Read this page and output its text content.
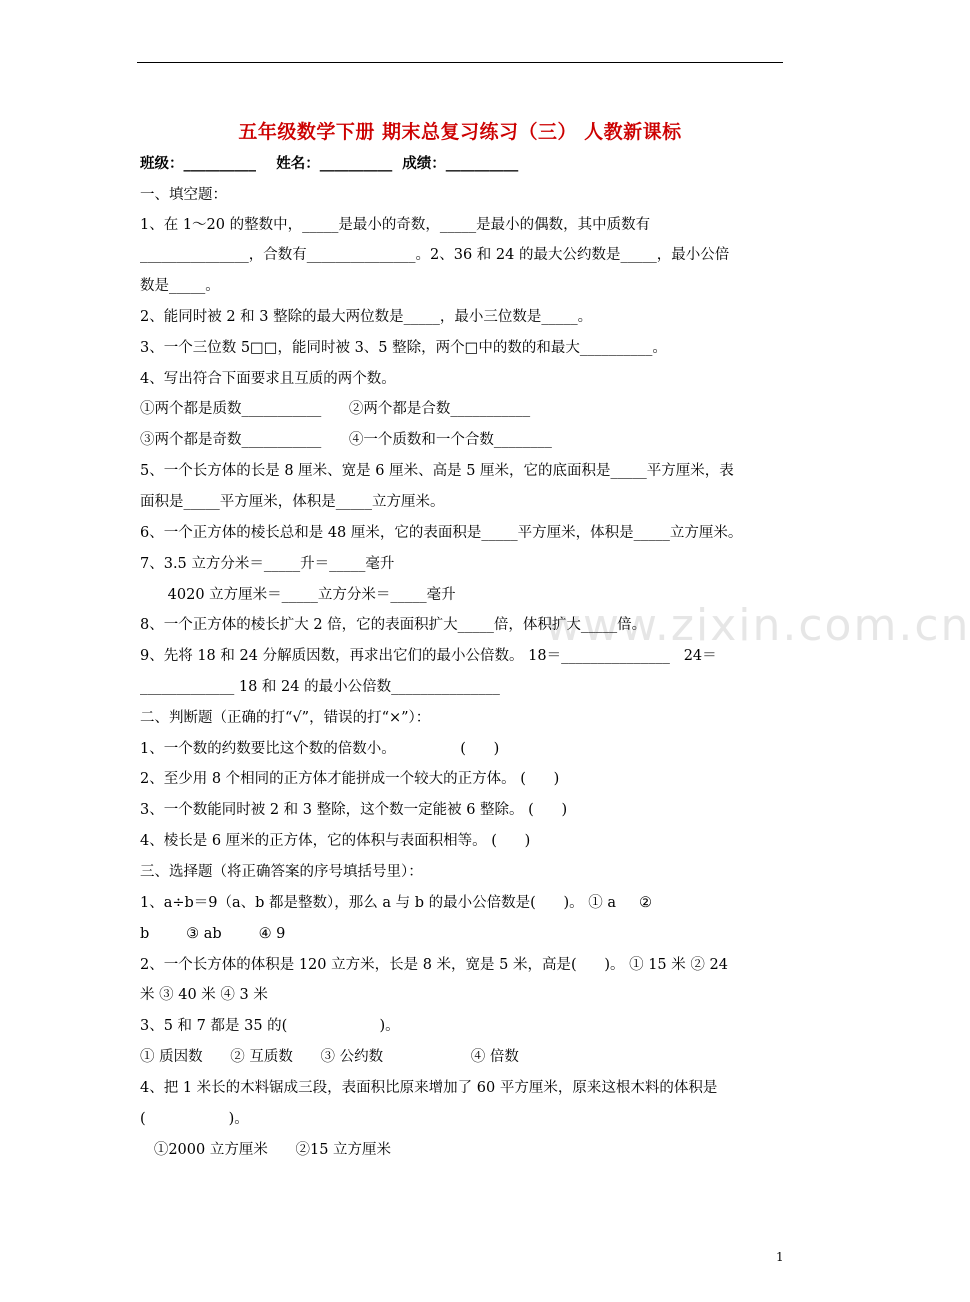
五年级数学下册 期末总复习练习（三） 人教新课标
班级：__________    姓名：__________  成绩：__________
www.zixin.com.cn
一、填空题：
1、在 1～20 的整数中，_____是最小的奇数，_____是最小的偶数，其中质数有
_______________，合数有_______________。2、36 和 24 的最大公约数是_____，最小公倍
数是_____。
2、能同时被 2 和 3 整除的最大两位数是_____，最小三位数是_____。
3、一个三位数 5□□，能同时被 3、5 整除，两个□中的数的和最大__________。
4、写出符合下面要求且互质的两个数。
①两个都是质数___________      ②两个都是合数___________
③两个都是奇数___________      ④一个质数和一个合数________
5、一个长方体的长是 8 厘米、宽是 6 厘米、高是 5 厘米，它的底面积是_____平方厘米，表
面积是_____平方厘米，体积是_____立方厘米。
6、一个正方体的棱长总和是 48 厘米，它的表面积是_____平方厘米，体积是_____立方厘米。
7、3.5 立方分米＝_____升＝_____毫升
4020 立方厘米＝_____立方分米＝_____毫升
8、一个正方体的棱长扩大 2 倍，它的表面积扩大_____倍，体积扩大_____倍。
9、先将 18 和 24 分解质因数，再求出它们的最小公倍数。 18＝_______________   24＝
_____________ 18 和 24 的最小公倍数_______________
二、判断题（正确的打“√”，错误的打“×”）：
1、一个数的约数要比这个数的倍数小。              (      )
2、至少用 8 个相同的正方体才能拼成一个较大的正方体。 (      )
3、一个数能同时被 2 和 3 整除，这个数一定能被 6 整除。 (      )
4、棱长是 6 厘米的正方体，它的体积与表面积相等。 (      )
三、选择题（将正确答案的序号填括号里）：
1、a÷b＝9（a、b 都是整数），那么 a 与 b 的最小公倍数是(      )。 ① a     ②
b        ③ ab        ④ 9
2、一个长方体的体积是 120 立方米，长是 8 米，宽是 5 米，高是(      )。 ① 15 米 ② 24
米 ③ 40 米 ④ 3 米
3、5 和 7 都是 35 的(                    )。
① 质因数      ② 互质数      ③ 公约数                   ④ 倍数
4、把 1 米长的木料锯成三段，表面积比原来增加了 60 平方厘米，原来这根木料的体积是
(                  )。
①2000 立方厘米      ②15 立方厘米
1
